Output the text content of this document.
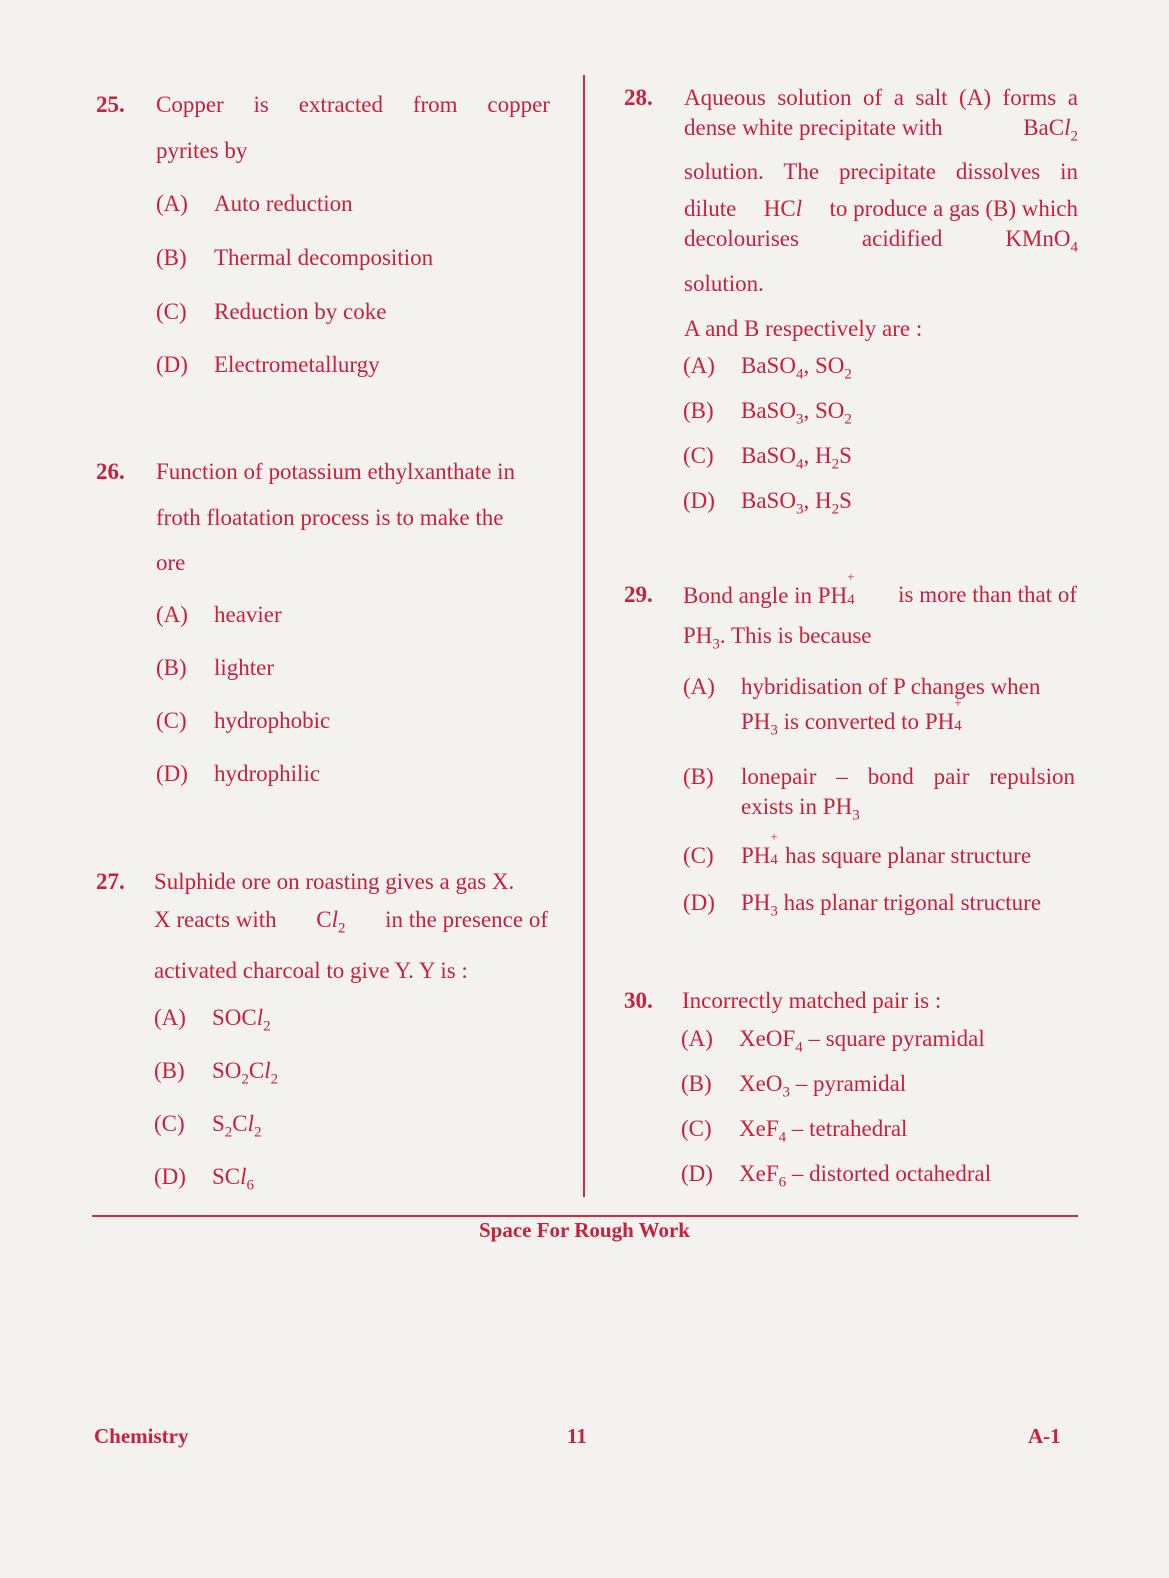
25. Copper is extracted from copper
pyrites by
(A) Auto reduction
(B) Thermal decomposition
(C) Reduction by coke
(D) Electrometallurgy
26. Function of potassium ethylxanthate in
froth floatation process is to make the
ore
(A) heavier
(B) lighter
(C) hydrophobic
(D) hydrophilic
27. Sulphide ore on roasting gives a gas X.
X reacts with $Cl_2$ in the presence of
activated charcoal to give Y. Y is :
(A) SOCl$_2$
(B) $SO_2Cl_2$
(C) $S_2Cl_2$
(D) SCl$_6$
28. Aqueous solution of a salt (A) forms a
dense white precipitate with	BaCl$_2$
solution. The precipitate dissolves in
dilute HCl to produce a gas (B) which
decolourises	acidified	KMnO$_4$
solution.
A and B respectively are :
(A) BaSO$_4$, $SO_2$
(B) BaSO$_3$, $SO_2$
(C) BaSO$_4$, $H_2S$
(D) BaSO$_3$, $H_2S$
29. Bond angle in PH
+
4 is more than that of
$PH_3$. This is because
(A) hybridisation of P changes when
$PH_3$ is converted to PH
+
4
(B) lonepair – bond pair repulsion
exists in $PH_3$
(C) PH
+
4 has square planar structure
(D) $PH_3$ has planar trigonal structure
30. Incorrectly matched pair is :
(A) XeOF$_4$ – square pyramidal
(B) XeO$_3$ – pyramidal
(C) XeF$_4$ – tetrahedral
(D) XeF$_6$ – distorted octahedral
Space For Rough Work
Chemistry	11	A-1
